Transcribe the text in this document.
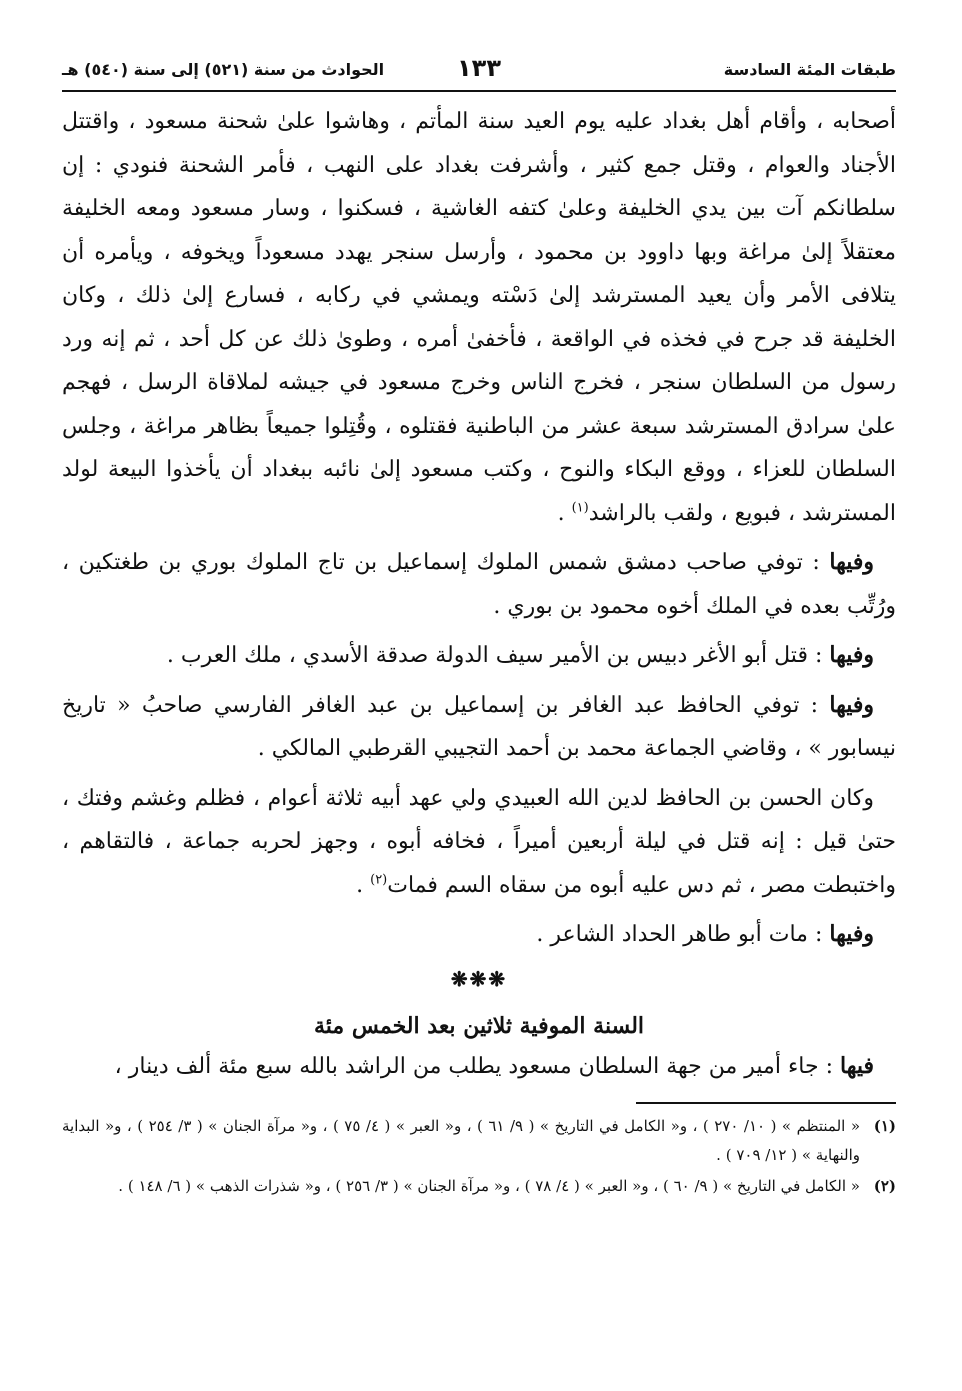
طبقات المئة السادسة
١٣٣
الحوادث من سنة (٥٢١) إلى سنة (٥٤٠) هـ

أصحابه ، وأقام أهل بغداد عليه يوم العيد سنة المأتم ، وهاشوا علىٰ شحنة مسعود ، واقتتل الأجناد والعوام ، وقتل جمع كثير ، وأشرفت بغداد على النهب ، فأمر الشحنة فنودي : إن سلطانكم آت بين يدي الخليفة وعلىٰ كتفه الغاشية ، فسكنوا ، وسار مسعود ومعه الخليفة معتقلاً إلىٰ مراغة وبها داوود بن محمود ، وأرسل سنجر يهدد مسعوداً ويخوفه ، ويأمره أن يتلافى الأمر وأن يعيد المسترشد إلىٰ دَسْته ويمشي في ركابه ، فسارع إلىٰ ذلك ، وكان الخليفة قد جرح في فخذه في الواقعة ، فأخفىٰ أمره ، وطوىٰ ذلك عن كل أحد ، ثم إنه ورد رسول من السلطان سنجر ، فخرج الناس وخرج مسعود في جيشه لملاقاة الرسل ، فهجم علىٰ سرادق المسترشد سبعة عشر من الباطنية فقتلوه ، وقُتِلوا جميعاً بظاهر مراغة ، وجلس السلطان للعزاء ، ووقع البكاء والنوح ، وكتب مسعود إلىٰ نائبه ببغداد أن يأخذوا البيعة لولد المسترشد ، فبويع ، ولقب بالراشد$^{(١)}$ .

وفيها : توفي صاحب دمشق شمس الملوك إسماعيل بن تاج الملوك بوري بن طغتكين ، ورُتِّب بعده في الملك أخوه محمود بن بوري .

وفيها : قتل أبو الأغر دبيس بن الأمير سيف الدولة صدقة الأسدي ، ملك العرب .

وفيها : توفي الحافظ عبد الغافر بن إسماعيل بن عبد الغافر الفارسي صاحبُ « تاريخ نيسابور » ، وقاضي الجماعة محمد بن أحمد التجيبي القرطبي المالكي .

وكان الحسن بن الحافظ لدين الله العبيدي ولي عهد أبيه ثلاثة أعوام ، فظلم وغشم وفتك ، حتىٰ قيل : إنه قتل في ليلة أربعين أميراً ، فخافه أبوه ، وجهز لحربه جماعة ، فالتقاهم ، واختبطت مصر ، ثم دس عليه أبوه من سقاه السم فمات$^{(٢)}$ .

وفيها : مات أبو طاهر الحداد الشاعر .

❋❋❋
السنة الموفية ثلاثين بعد الخمس مئة

فيها : جاء أمير من جهة السلطان مسعود يطلب من الراشد بالله سبع مئة ألف دينار ،

(١)
« المنتظم » ( ١٠/ ٢٧٠ ) ، و« الكامل في التاريخ » ( ٩/ ٦١ ) ، و« العبر » ( ٤/ ٧٥ ) ، و« مرآة الجنان » ( ٣/ ٢٥٤ ) ، و« البداية والنهاية » ( ١٢/ ٧٠٩ ) .
(٢)
« الكامل في التاريخ » ( ٩/ ٦٠ ) ، و« العبر » ( ٤/ ٧٨ ) ، و« مرآة الجنان » ( ٣/ ٢٥٦ ) ، و« شذرات الذهب » ( ٦/ ١٤٨ ) .
